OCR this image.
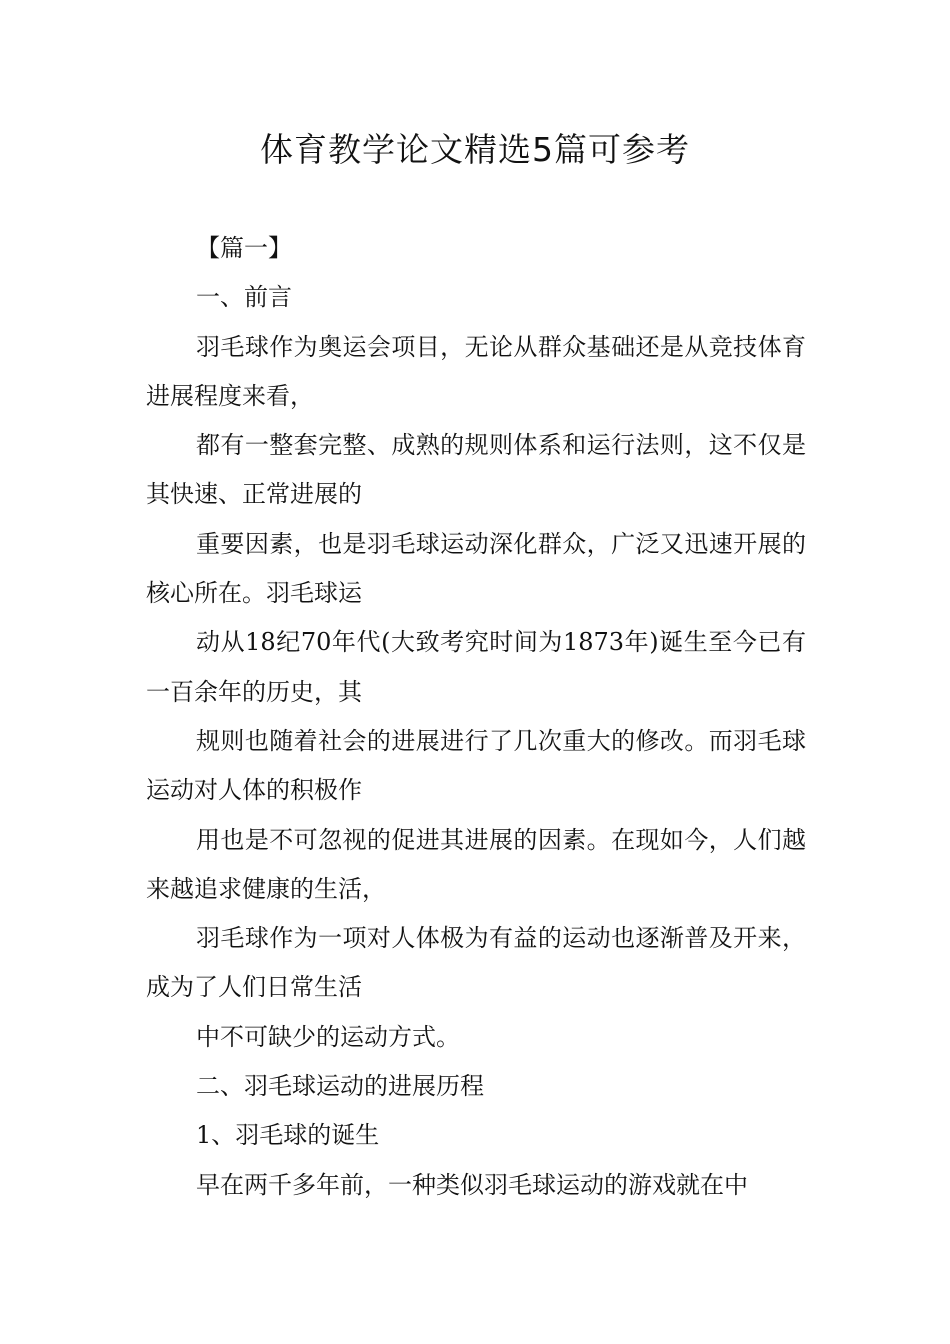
体育教学论文精选5篇可参考

【篇一】

一、前言

羽毛球作为奥运会项目，无论从群众基础还是从竞技体育进展程度来看，

都有一整套完整、成熟的规则体系和运行法则，这不仅是其快速、正常进展的

重要因素，也是羽毛球运动深化群众，广泛又迅速开展的核心所在。羽毛球运

动从18纪70年代(大致考究时间为1873年)诞生至今已有一百余年的历史，其

规则也随着社会的进展进行了几次重大的修改。而羽毛球运动对人体的积极作

用也是不可忽视的促进其进展的因素。在现如今，人们越来越追求健康的生活，

羽毛球作为一项对人体极为有益的运动也逐渐普及开来，成为了人们日常生活

中不可缺少的运动方式。

二、羽毛球运动的进展历程

1、羽毛球的诞生

早在两千多年前，一种类似羽毛球运动的游戏就在中
